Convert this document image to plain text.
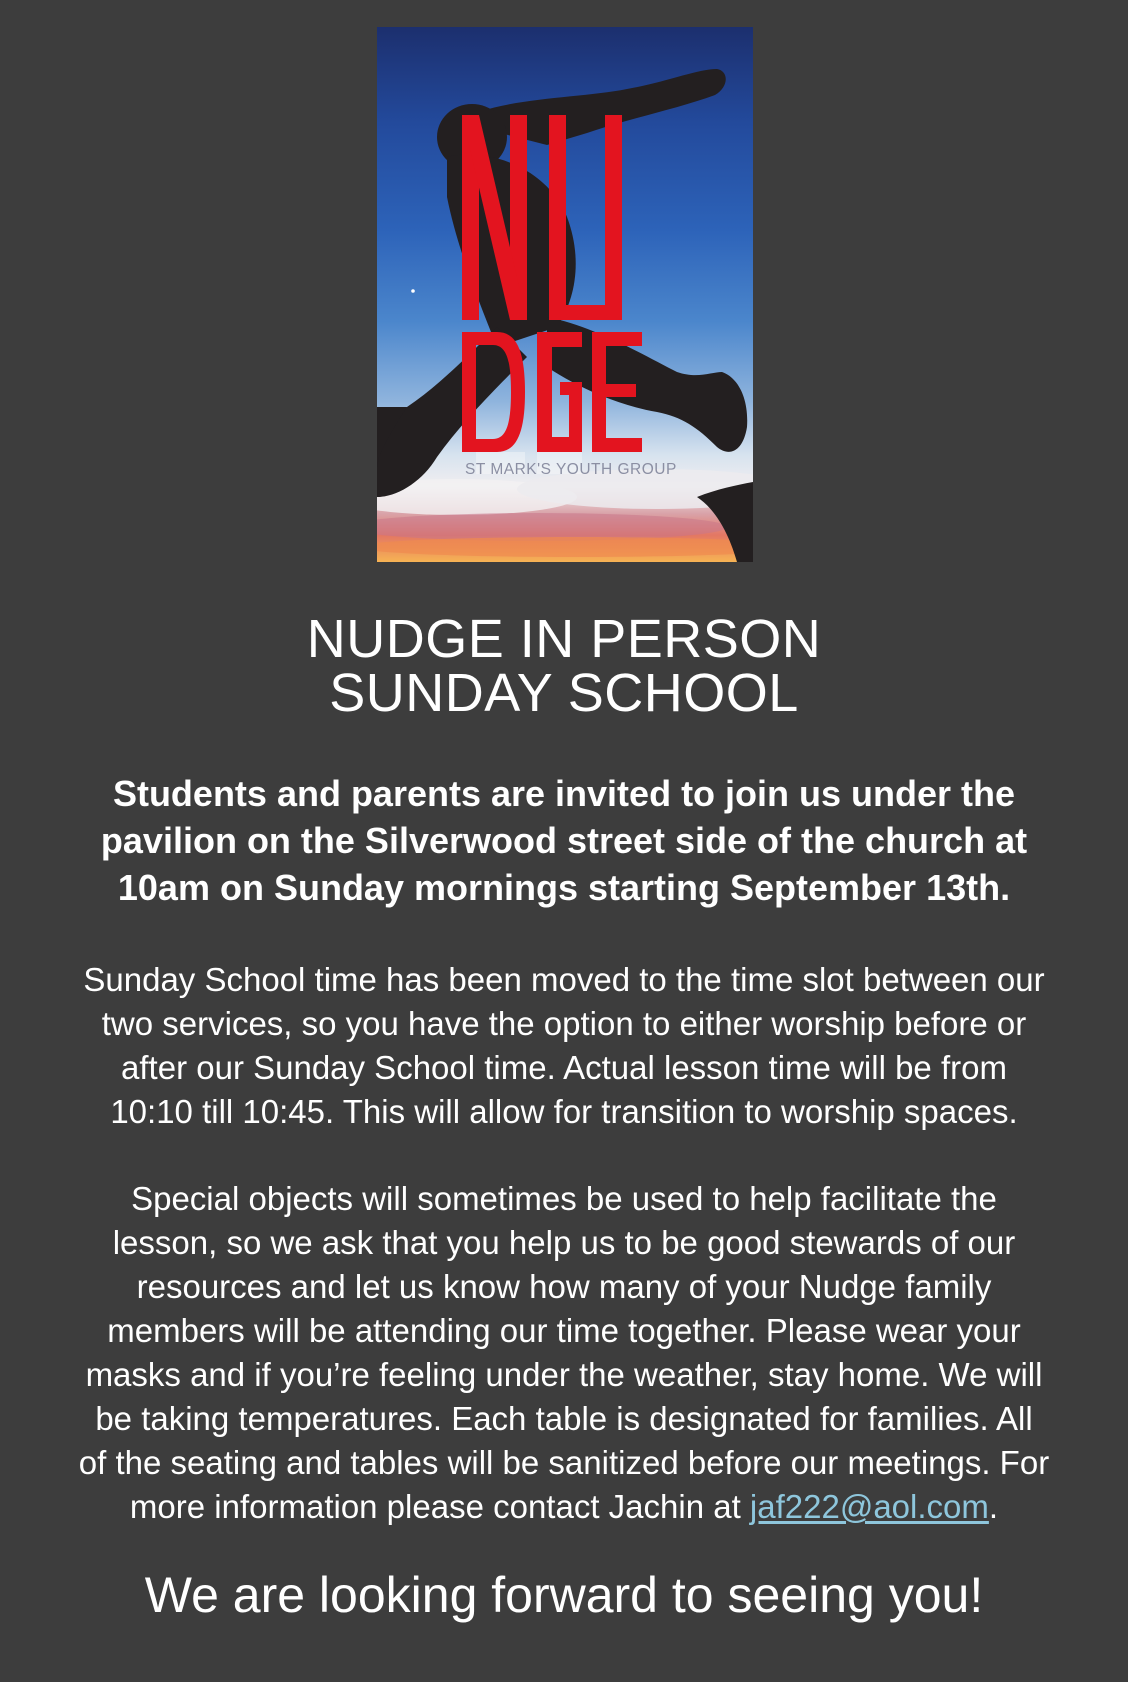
ST MARK'S YOUTH GROUP
NUDGE IN PERSON
SUNDAY SCHOOL
Students and parents are invited to join us under the
pavilion on the Silverwood street side of the church at
10am on Sunday mornings starting September 13th.
Sunday School time has been moved to the time slot between our
two services, so you have the option to either worship before or
after our Sunday School time. Actual lesson time will be from
10:10 till 10:45. This will allow for transition to worship spaces.
Special objects will sometimes be used to help facilitate the
lesson, so we ask that you help us to be good stewards of our
resources and let us know how many of your Nudge family
members will be attending our time together. Please wear your
masks and if you’re feeling under the weather, stay home. We will
be taking temperatures. Each table is designated for families. All
of the seating and tables will be sanitized before our meetings. For
more information please contact Jachin at jaf222@aol.com.
We are looking forward to seeing you!
